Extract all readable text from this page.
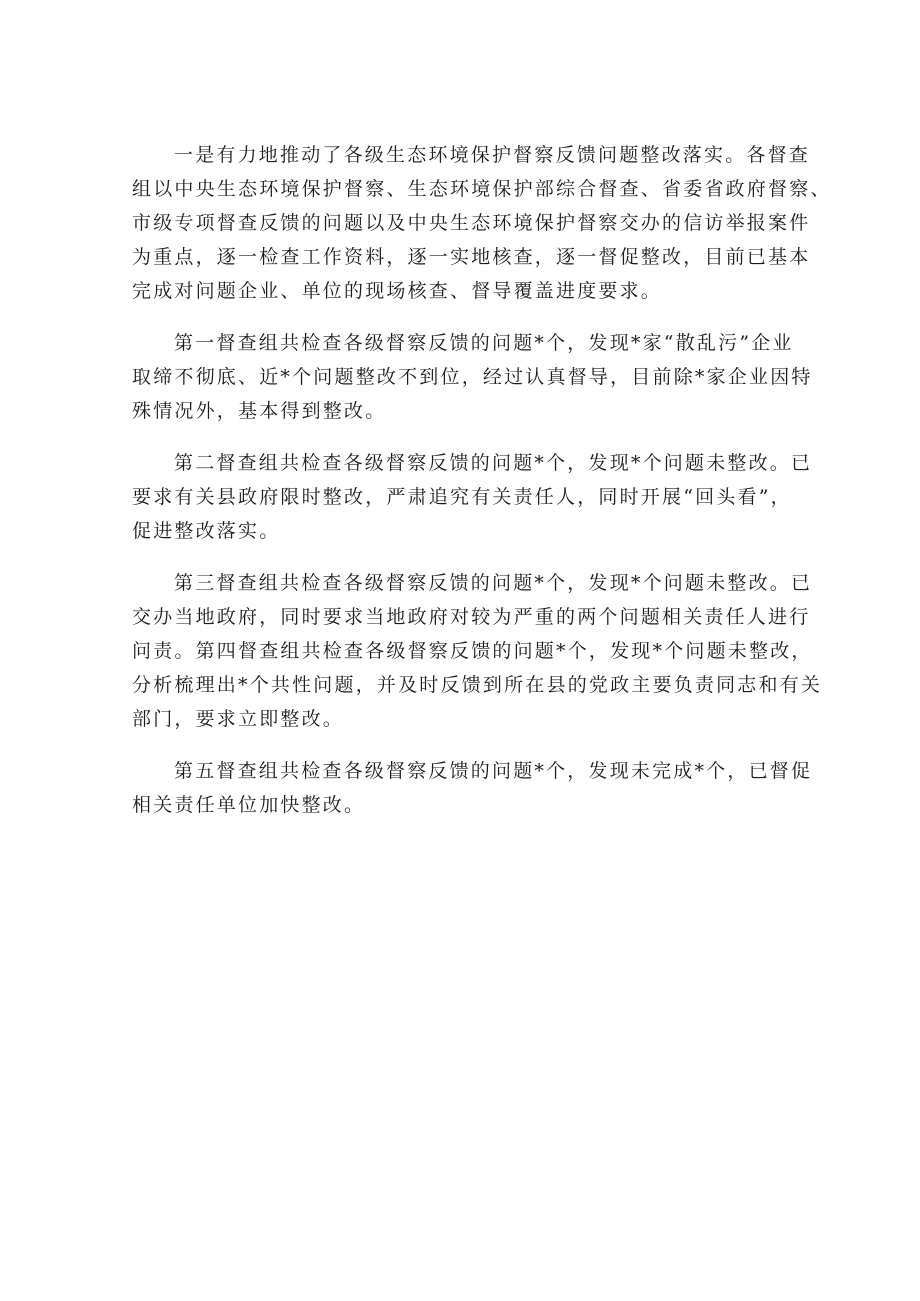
一是有力地推动了各级生态环境保护督察反馈问题整改落实。各督查
组以中央生态环境保护督察、生态环境保护部综合督查、省委省政府督察、
市级专项督查反馈的问题以及中央生态环境保护督察交办的信访举报案件
为重点，逐一检查工作资料，逐一实地核查，逐一督促整改，目前已基本
完成对问题企业、单位的现场核查、督导覆盖进度要求。

第一督查组共检查各级督察反馈的问题*个，发现*家“散乱污”企业
取缔不彻底、近*个问题整改不到位，经过认真督导，目前除*家企业因特
殊情况外，基本得到整改。

第二督查组共检查各级督察反馈的问题*个，发现*个问题未整改。已
要求有关县政府限时整改，严肃追究有关责任人，同时开展“回头看”，
促进整改落实。

第三督查组共检查各级督察反馈的问题*个，发现*个问题未整改。已
交办当地政府，同时要求当地政府对较为严重的两个问题相关责任人进行
问责。第四督查组共检查各级督察反馈的问题*个，发现*个问题未整改，
分析梳理出*个共性问题，并及时反馈到所在县的党政主要负责同志和有关
部门，要求立即整改。

第五督查组共检查各级督察反馈的问题*个，发现未完成*个，已督促
相关责任单位加快整改。
